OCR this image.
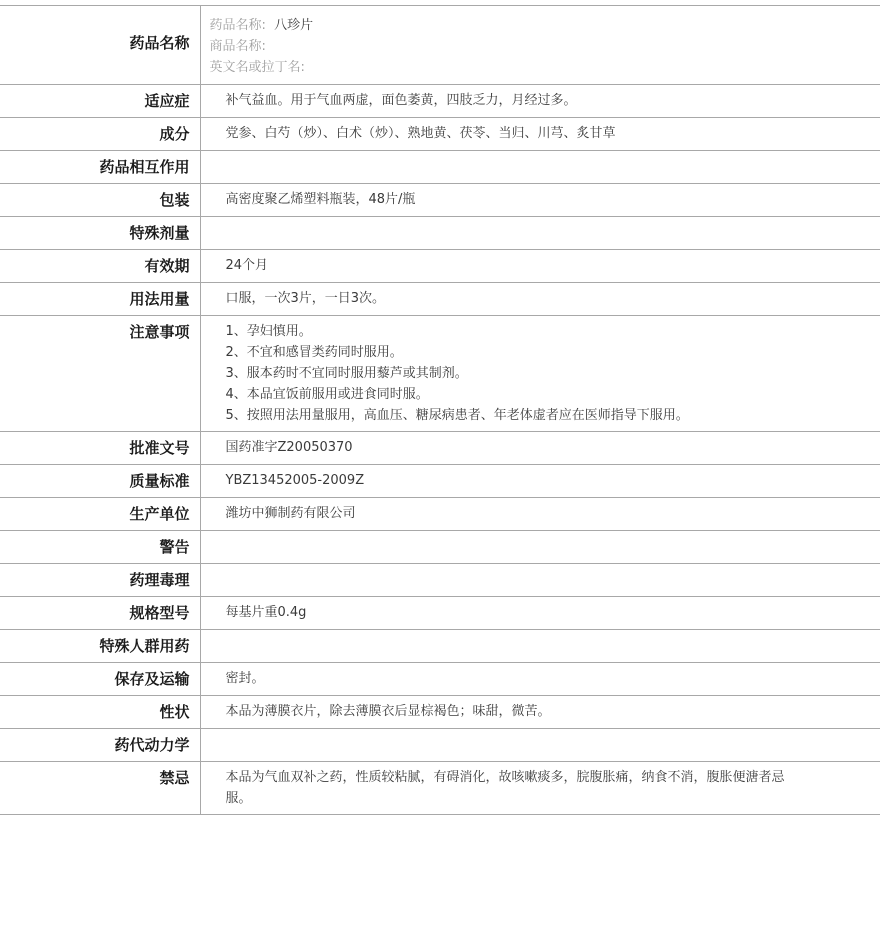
药品名称	药品名称: 八珍片
商品名称:
英文名或拉丁名:

适应症	补气益血。用于气血两虚，面色萎黄，四肢乏力，月经过多。
成分	党参、白芍（炒）、白术（炒）、熟地黄、茯苓、当归、川芎、炙甘草
药品相互作用	
包装	高密度聚乙烯塑料瓶装，48片/瓶
特殊剂量	
有效期	24个月
用法用量	口服，一次3片，一日3次。
注意事项	1、孕妇慎用。
2、不宜和感冒类药同时服用。
3、服本药时不宜同时服用藜芦或其制剂。
4、本品宜饭前服用或进食同时服。
5、按照用法用量服用，高血压、糖尿病患者、年老体虚者应在医师指导下服用。

批准文号	国药准字Z20050370
质量标准	YBZ13452005-2009Z
生产单位	潍坊中狮制药有限公司
警告	
药理毒理	
规格型号	每基片重0.4g
特殊人群用药	
保存及运输	密封。
性状	本品为薄膜衣片，除去薄膜衣后显棕褐色；味甜，微苦。
药代动力学	
禁忌	本品为气血双补之药，性质较粘腻，有碍消化，故咳嗽痰多，脘腹胀痛，纳食不消，腹胀便溏者忌服。
